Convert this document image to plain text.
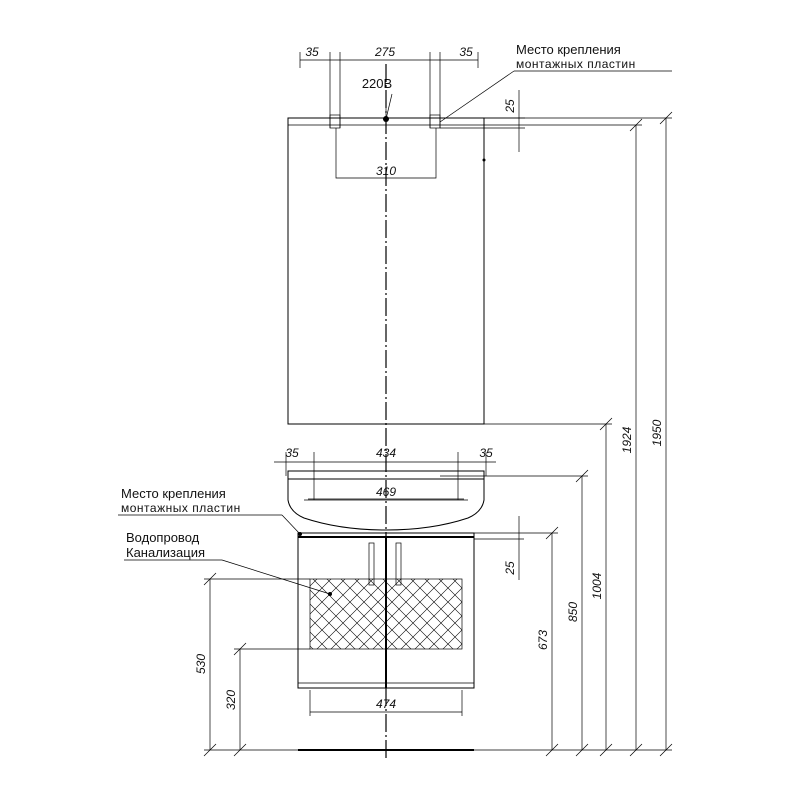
35	275	35
220В
Место крепления
монтажных пластин
25
310
1950
1924
1004
850
673
35	434	35
469
25
474
530
320
Место крепления
монтажных пластин
Водопровод
Канализация
